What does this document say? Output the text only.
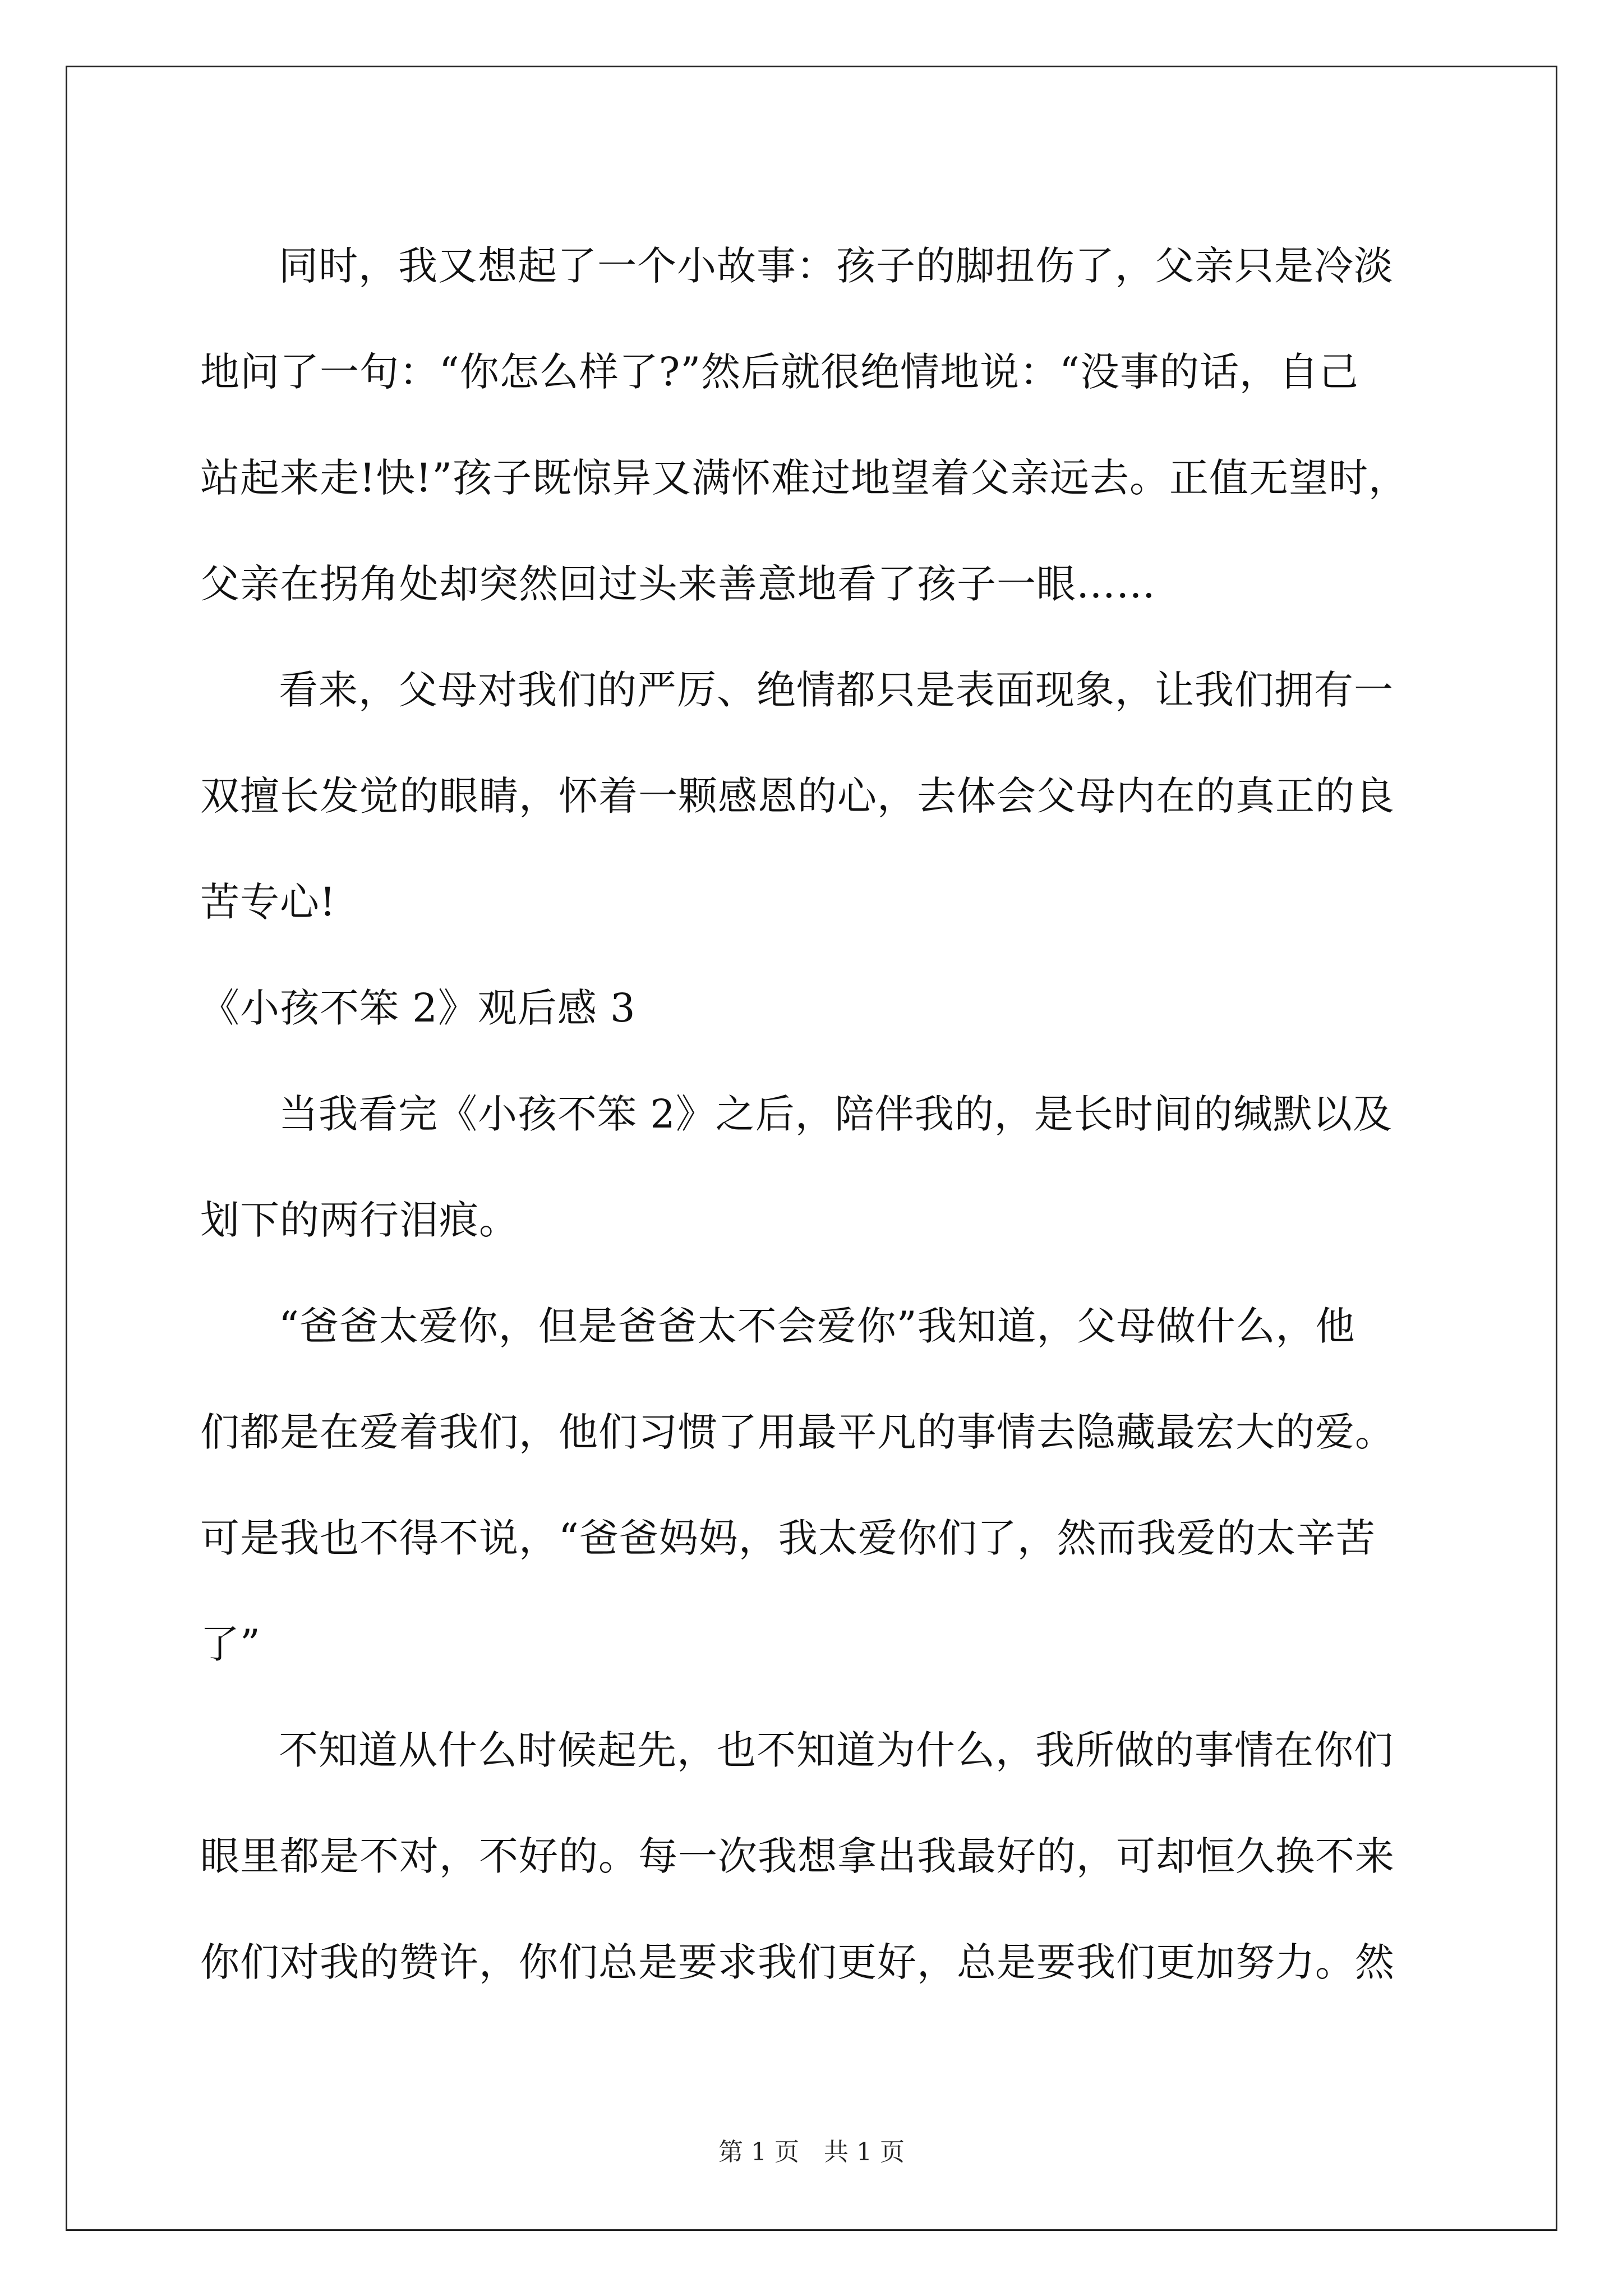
同时，我又想起了一个小故事：孩子的脚扭伤了，父亲只是冷淡
地问了一句：“你怎么样了?”然后就很绝情地说：“没事的话，自己
站起来走!快!”孩子既惊异又满怀难过地望着父亲远去。正值无望时，
父亲在拐角处却突然回过头来善意地看了孩子一眼……
看来，父母对我们的严厉、绝情都只是表面现象，让我们拥有一
双擅长发觉的眼睛，怀着一颗感恩的心，去体会父母内在的真正的良
苦专心!
《小孩不笨 2》观后感 3
当我看完《小孩不笨 2》之后，陪伴我的，是长时间的缄默以及
划下的两行泪痕。
“爸爸太爱你，但是爸爸太不会爱你”我知道，父母做什么，他
们都是在爱着我们，他们习惯了用最平凡的事情去隐藏最宏大的爱。
可是我也不得不说，“爸爸妈妈，我太爱你们了，然而我爱的太辛苦
了”
不知道从什么时候起先，也不知道为什么，我所做的事情在你们
眼里都是不对，不好的。每一次我想拿出我最好的，可却恒久换不来
你们对我的赞许，你们总是要求我们更好，总是要我们更加努力。然
第 1 页 共 1 页
